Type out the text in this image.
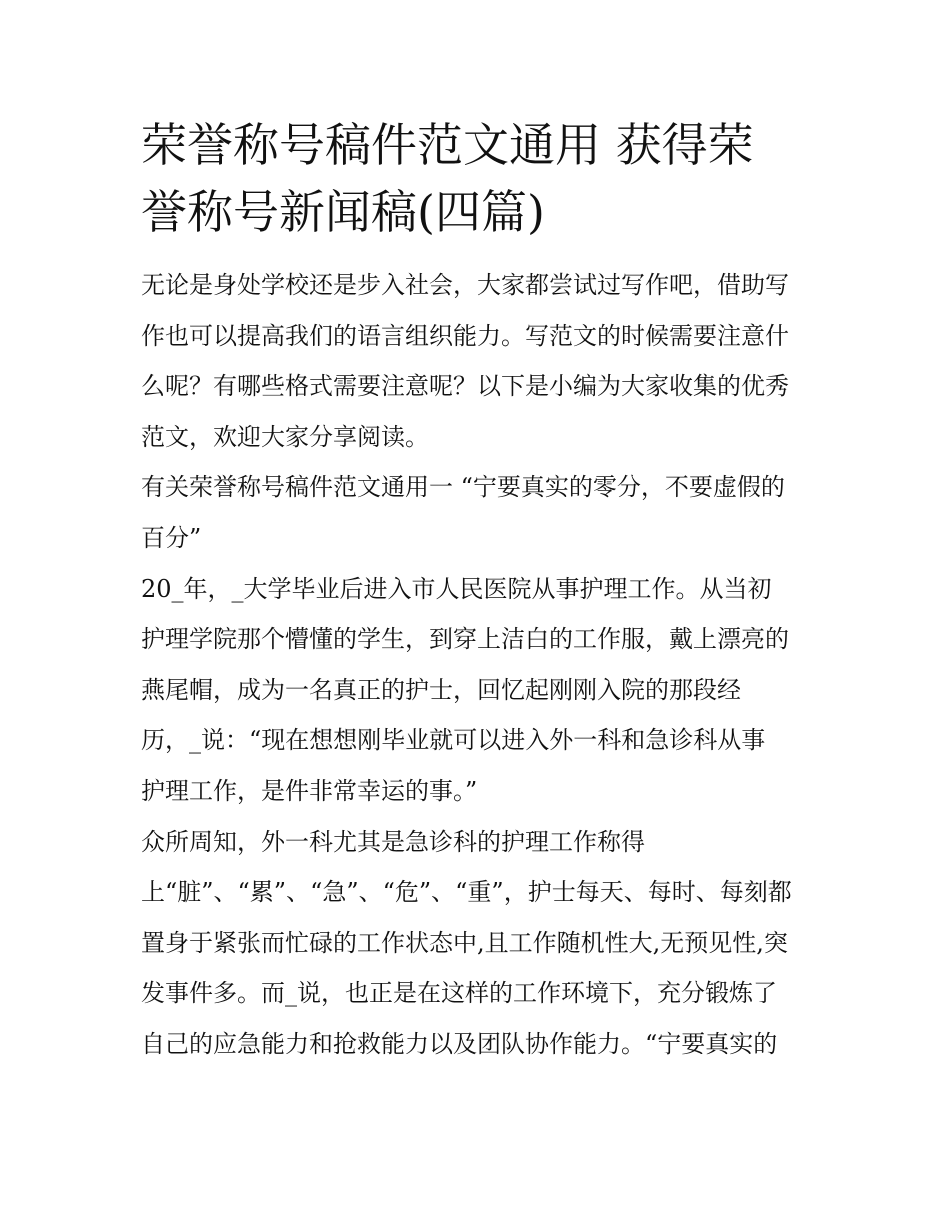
荣誉称号稿件范文通用 获得荣
誉称号新闻稿(四篇)
无论是身处学校还是步入社会，大家都尝试过写作吧，借助写
作也可以提高我们的语言组织能力。写范文的时候需要注意什
么呢？有哪些格式需要注意呢？以下是小编为大家收集的优秀
范文，欢迎大家分享阅读。
有关荣誉称号稿件范文通用一 “宁要真实的零分，不要虚假的
百分”
20_年，_大学毕业后进入市人民医院从事护理工作。从当初
护理学院那个懵懂的学生，到穿上洁白的工作服，戴上漂亮的
燕尾帽，成为一名真正的护士，回忆起刚刚入院的那段经
历，_说：“现在想想刚毕业就可以进入外一科和急诊科从事
护理工作，是件非常幸运的事。”
众所周知，外一科尤其是急诊科的护理工作称得
上“脏”、“累”、“急”、“危”、“重”，护士每天、每时、每刻都
置身于紧张而忙碌的工作状态中,且工作随机性大,无预见性,突
发事件多。而_说，也正是在这样的工作环境下，充分锻炼了
自己的应急能力和抢救能力以及团队协作能力。“宁要真实的
